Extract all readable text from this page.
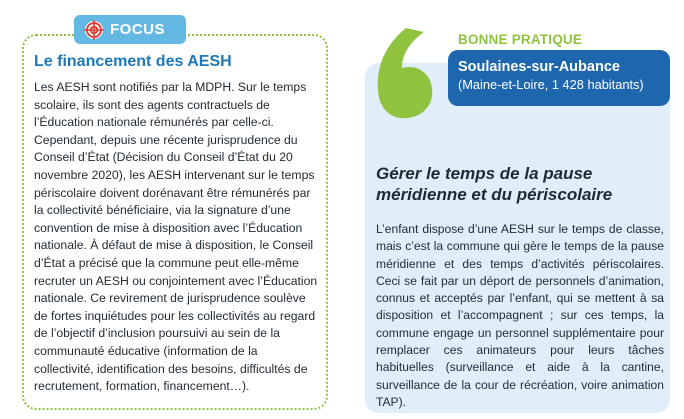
FOCUS
Le financement des AESH

Les AESH sont notifiés par la MDPH. Sur le temps scolaire, ils sont des agents contractuels de l’Éducation nationale rémunérés par celle-ci. Cependant, depuis une récente jurisprudence du Conseil d’État (Décision du Conseil d’État du 20 novembre 2020), les AESH intervenant sur le temps périscolaire doivent dorénavant être rémunérés par la collectivité bénéficiaire, via la signature d’une convention de mise à disposition avec l’Éducation nationale. À défaut de mise à disposition, le Conseil d’État a précisé que la commune peut elle-même recruter un AESH ou conjointement avec l’Éducation nationale. Ce revirement de jurisprudence soulève de fortes inquiétudes pour les collectivités au regard de l’objectif d’inclusion poursuivi au sein de la communauté éducative (information de la collectivité, identification des besoins, difficultés de recrutement, formation, financement…).

BONNE PRATIQUE
Soulaines-sur-Aubance
(Maine-et-Loire, 1 428 habitants)
Gérer le temps de la pause méridienne et du périscolaire

L’enfant dispose d’une AESH sur le temps de classe, mais c’est la commune qui gère le temps de la pause méridienne et des temps d’activités périscolaires. Ceci se fait par un déport de personnels d’animation, connus et acceptés par l’enfant, qui se mettent à sa disposition et l’accompagnent ; sur ces temps, la commune engage un personnel supplémentaire pour remplacer ces animateurs pour leurs tâches habituelles (surveillance et aide à la cantine, surveillance de la cour de récréation, voire animation TAP).
